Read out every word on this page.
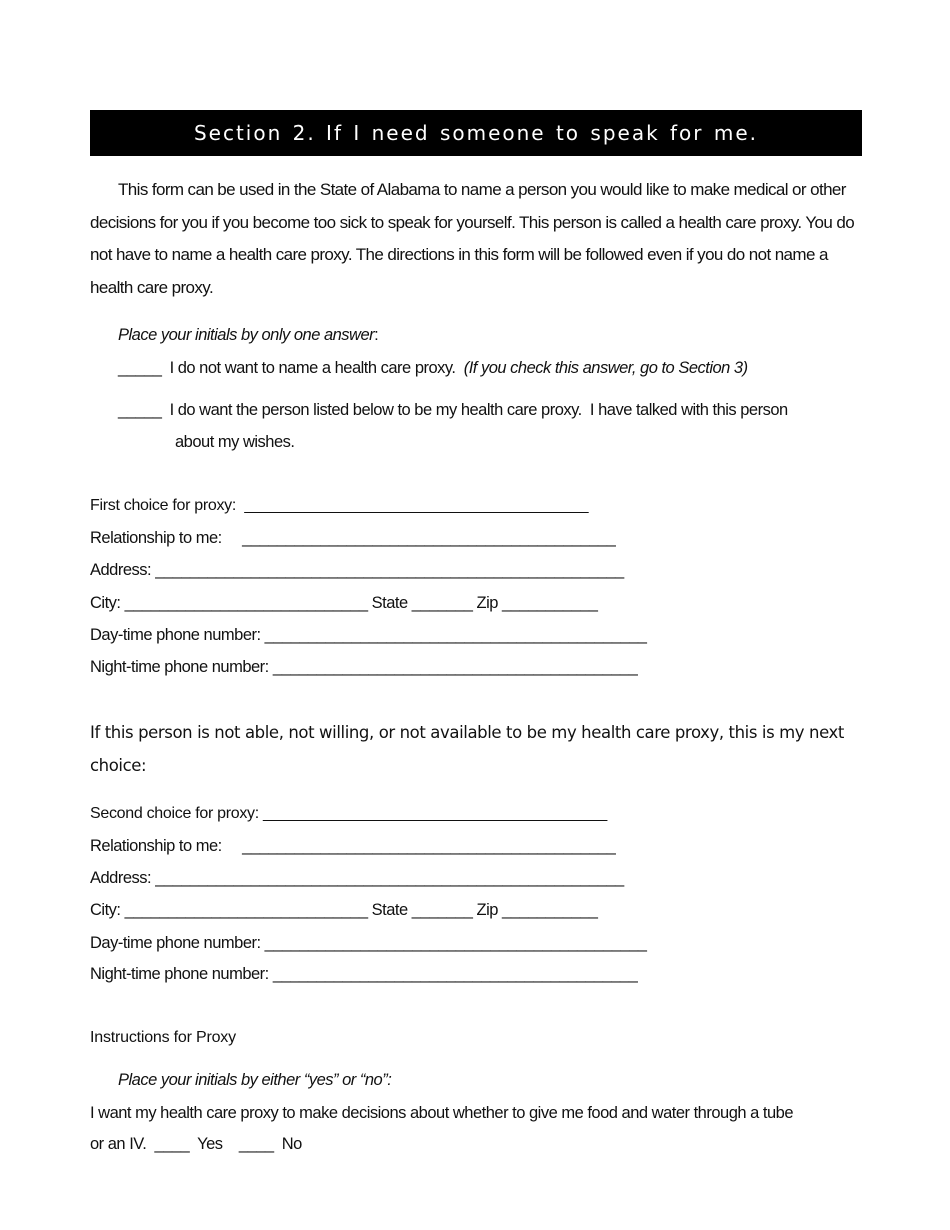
Section 2. If I need someone to speak for me.
This form can be used in the State of Alabama to name a person you would like to make medical or other decisions for you if you become too sick to speak for yourself. This person is called a health care proxy. You do not have to name a health care proxy. The directions in this form will be followed even if you do not name a health care proxy.
Place your initials by only one answer:
_____ I do not want to name a health care proxy. (If you check this answer, go to Section 3)
_____ I do want the person listed below to be my health care proxy.  I have talked with this person
about my wishes.
First choice for proxy:  ________________________________________
Relationship to me:     ___________________________________________
Address: ______________________________________________________
City: ____________________________ State _______ Zip ___________
Day-time phone number: ____________________________________________
Night-time phone number: __________________________________________
If this person is not able, not willing, or not available to be my health care proxy, this is my next choice:
Second choice for proxy: ________________________________________
Relationship to me:     ___________________________________________
Address: ______________________________________________________
City: ____________________________ State _______ Zip ___________
Day-time phone number: ____________________________________________
Night-time phone number: __________________________________________
Instructions for Proxy
Place your initials by either “yes” or “no”:
I want my health care proxy to make decisions about whether to give me food and water through a tube
or an IV.  ____  Yes    ____  No
